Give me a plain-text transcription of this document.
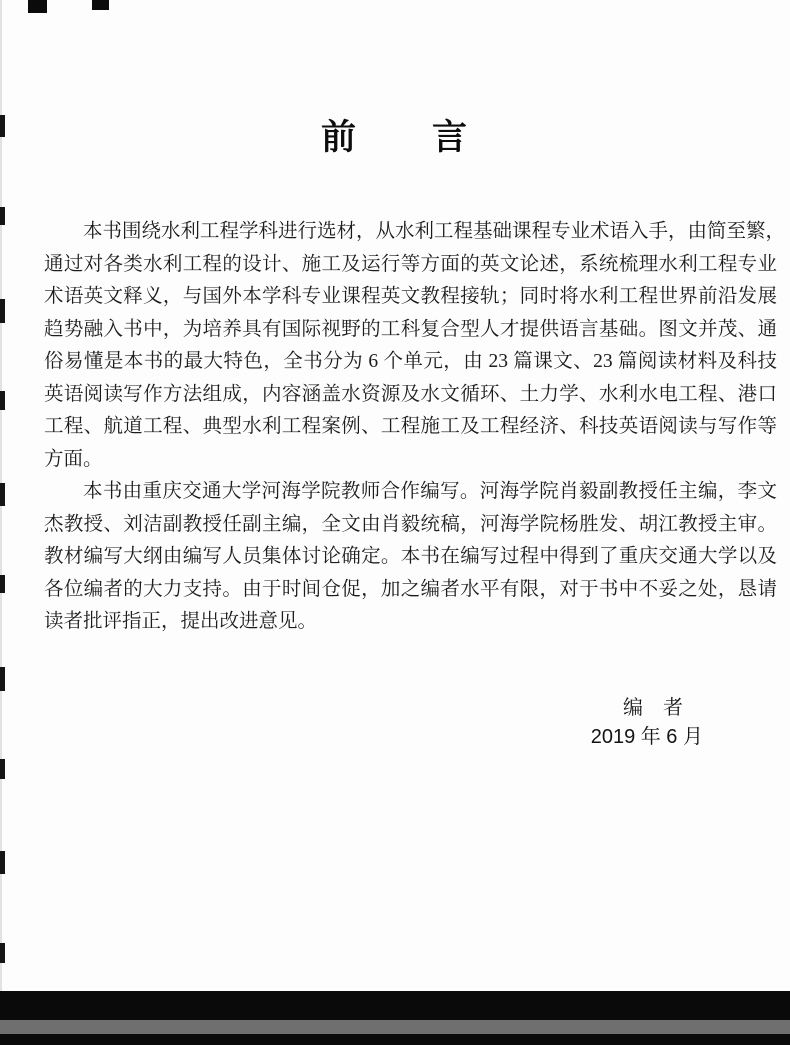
前　　言
本书围绕水利工程学科进行选材，从水利工程基础课程专业术语入手，由简至繁，
通过对各类水利工程的设计、施工及运行等方面的英文论述，系统梳理水利工程专业
术语英文释义，与国外本学科专业课程英文教程接轨；同时将水利工程世界前沿发展
趋势融入书中，为培养具有国际视野的工科复合型人才提供语言基础。图文并茂、通
俗易懂是本书的最大特色，全书分为 6 个单元，由 23 篇课文、23 篇阅读材料及科技
英语阅读写作方法组成，内容涵盖水资源及水文循环、土力学、水利水电工程、港口
工程、航道工程、典型水利工程案例、工程施工及工程经济、科技英语阅读与写作等
方面。
本书由重庆交通大学河海学院教师合作编写。河海学院肖毅副教授任主编，李文
杰教授、刘洁副教授任副主编，全文由肖毅统稿，河海学院杨胜发、胡江教授主审。
教材编写大纲由编写人员集体讨论确定。本书在编写过程中得到了重庆交通大学以及
各位编者的大力支持。由于时间仓促，加之编者水平有限，对于书中不妥之处，恳请
读者批评指正，提出改进意见。
编　者
2019 年 6 月
